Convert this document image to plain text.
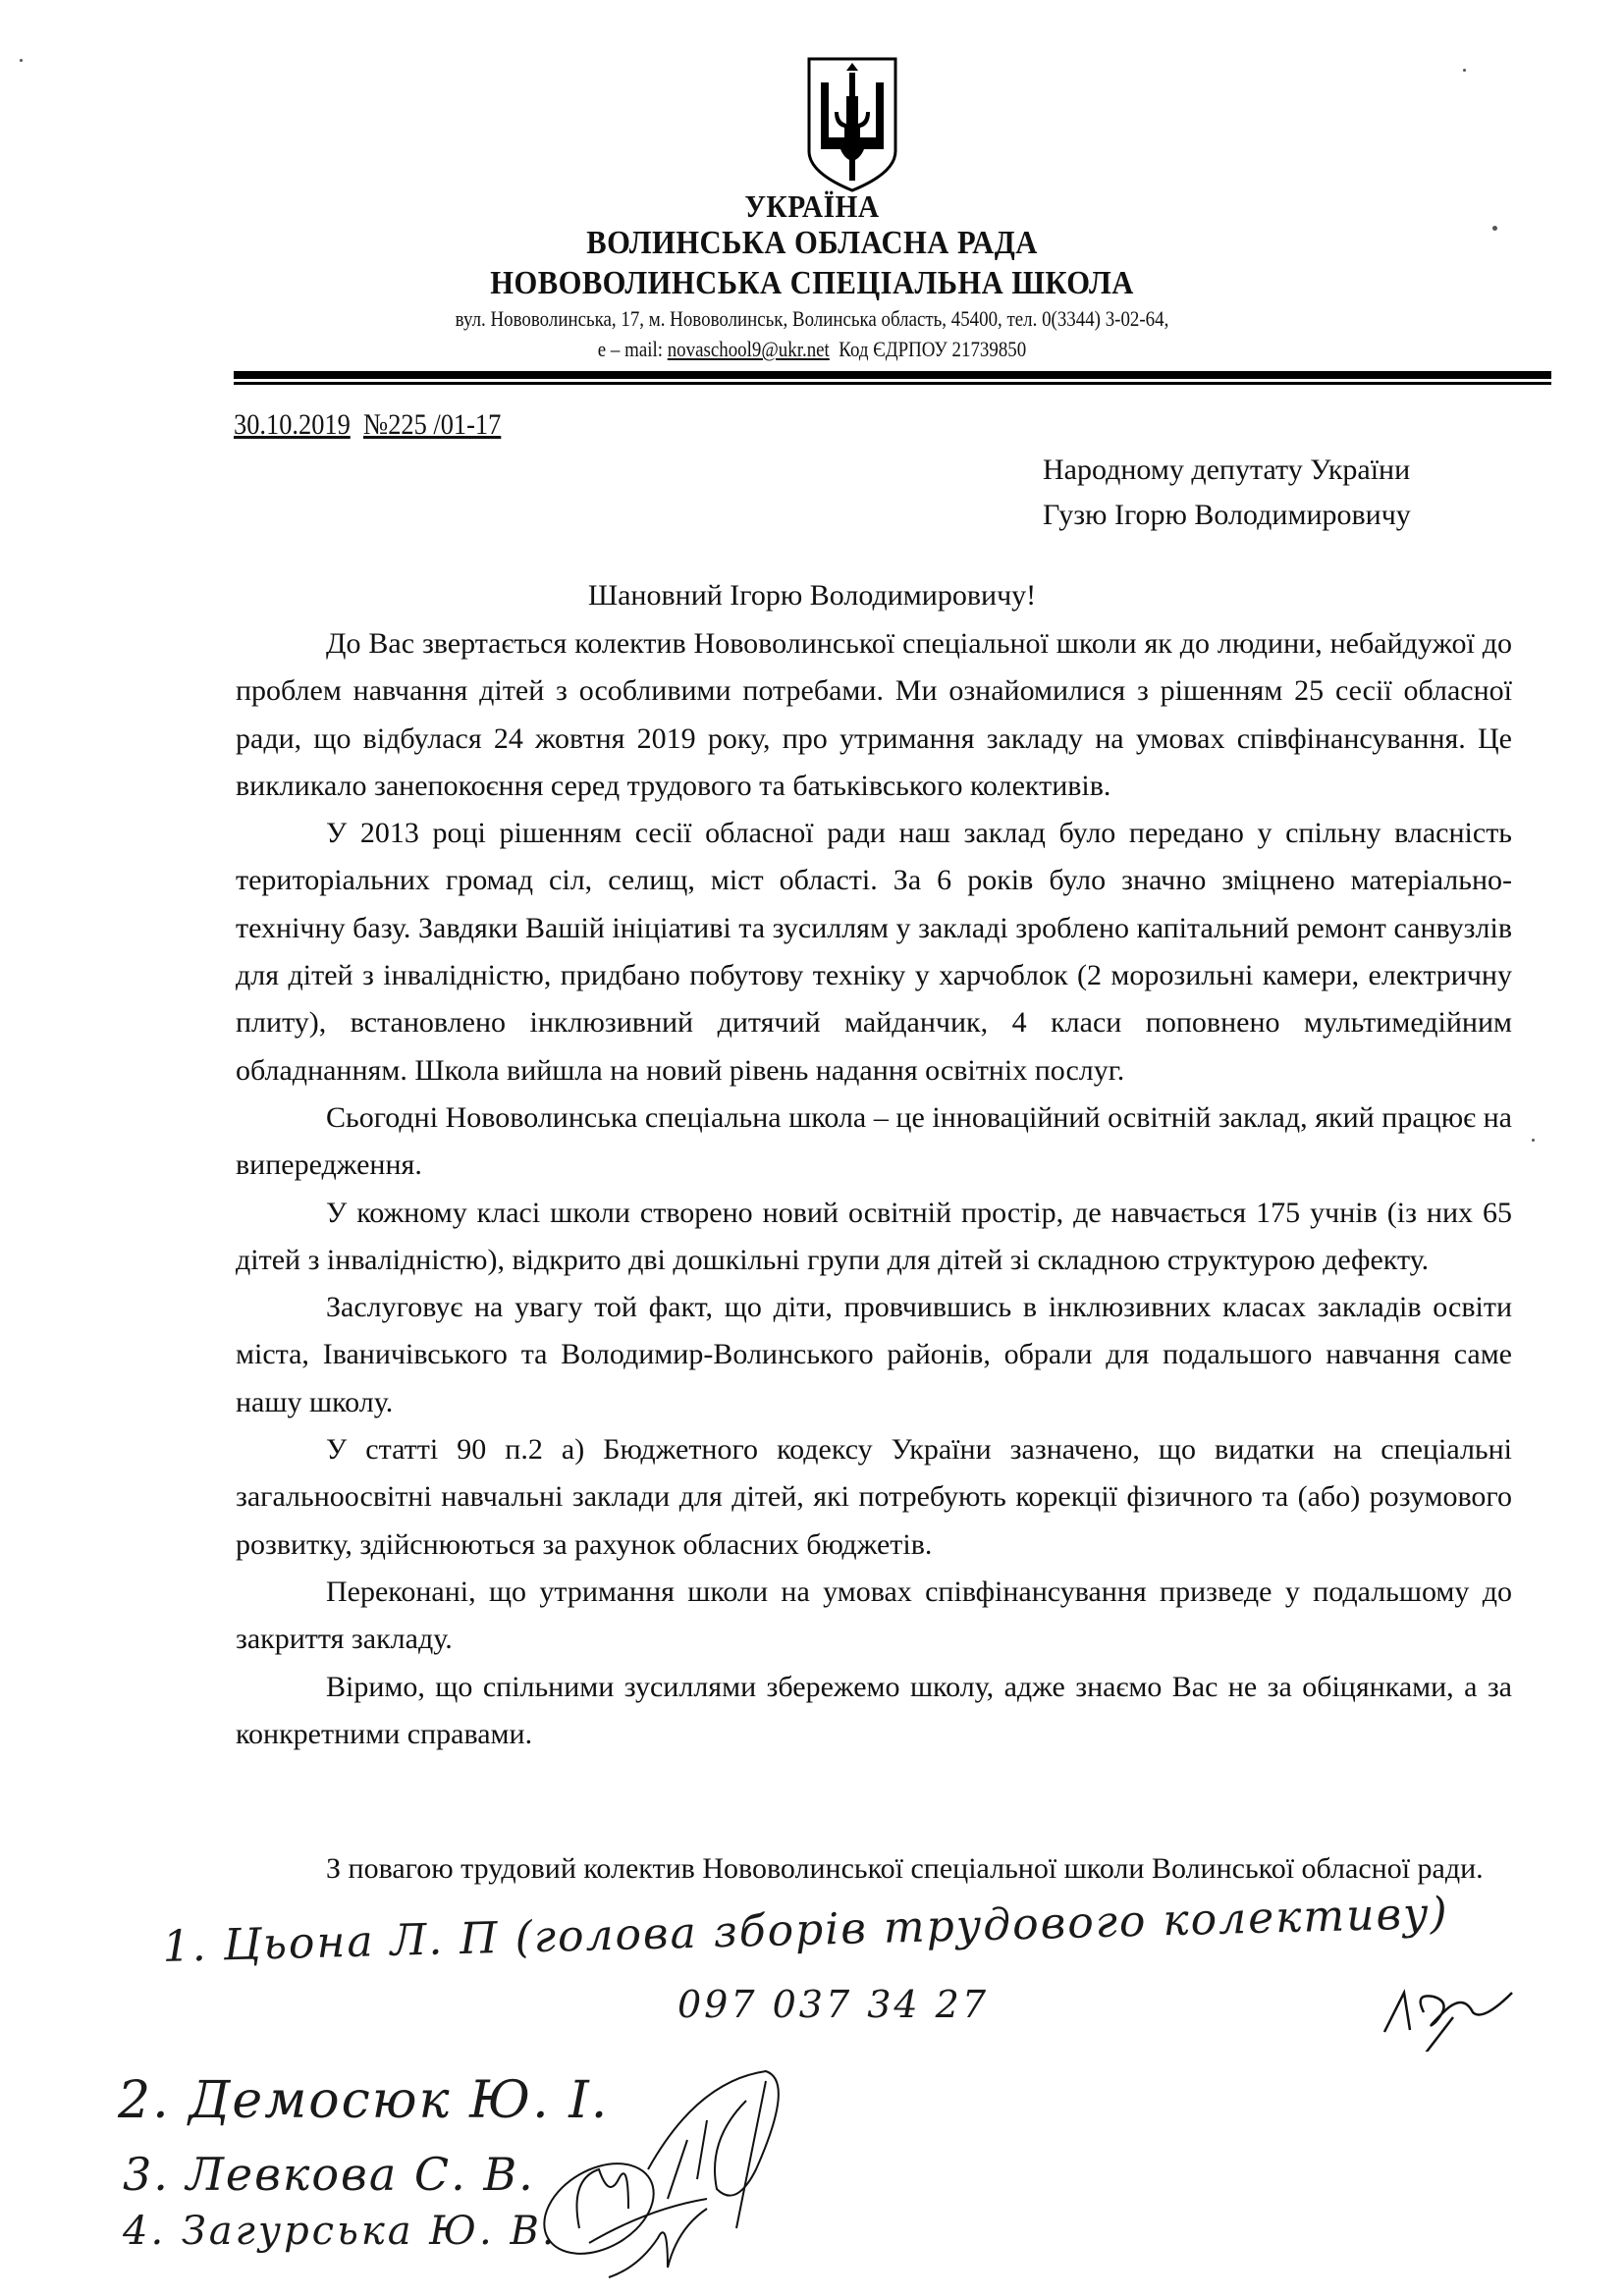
УКРАЇНА
ВОЛИНСЬКА ОБЛАСНА РАДА
НОВОВОЛИНСЬКА СПЕЦІАЛЬНА ШКОЛА
вул. Нововолинська, 17, м. Нововолинськ, Волинська область, 45400, тел. 0(3344) 3-02-64,
e – mail: novaschool9@ukr.net  Код ЄДРПОУ 21739850
30.10.2019 №225 /01-17
Народному депутату України
Гузю Ігорю Володимировичу
Шановний Ігорю Володимировичу!

До Вас звертається колектив Нововолинської спеціальної школи як до людини, небайдужої до проблем навчання дітей з особливими потребами. Ми ознайомилися з рішенням 25 сесії обласної ради, що відбулася 24 жовтня 2019 року, про утримання закладу на умовах співфінансування. Це викликало занепокоєння серед трудового та батьківського колективів.

У 2013 році рішенням сесії обласної ради наш заклад було передано у спільну власність територіальних громад сіл, селищ, міст області. За 6 років було значно зміцнено матеріально-технічну базу. Завдяки Вашій ініціативі та зусиллям у закладі зроблено капітальний ремонт санвузлів для дітей з інвалідністю, придбано побутову техніку у харчоблок (2 морозильні камери, електричну плиту), встановлено інклюзивний дитячий майданчик, 4 класи поповнено мультимедійним обладнанням. Школа вийшла на новий рівень надання освітніх послуг.

Сьогодні Нововолинська спеціальна школа – це інноваційний освітній заклад, який працює на випередження.

У кожному класі школи створено новий освітній простір, де навчається 175 учнів (із них 65 дітей з інвалідністю), відкрито дві дошкільні групи для дітей зі складною структурою дефекту.

Заслуговує на увагу той факт, що діти, провчившись в інклюзивних класах закладів освіти міста, Іваничівського та Володимир-Волинського районів, обрали для подальшого навчання саме нашу школу.

У статті 90 п.2 а) Бюджетного кодексу України зазначено, що видатки на спеціальні загальноосвітні навчальні заклади для дітей, які потребують корекції фізичного та (або) розумового розвитку, здійснюються за рахунок обласних бюджетів.

Переконані, що утримання школи на умовах співфінансування призведе у подальшому до закриття закладу.

Віримо, що спільними зусиллями збережемо школу, адже знаємо Вас не за обіцянками, а за конкретними справами.

З повагою трудовий колектив Нововолинської спеціальної школи Волинської обласної ради.

1. Цьона Л. П (голова зборів трудового колективу)
097 037 34 27
2. Демосюк Ю. І.
3. Левкова С. В.
4. Загурська Ю. В.
